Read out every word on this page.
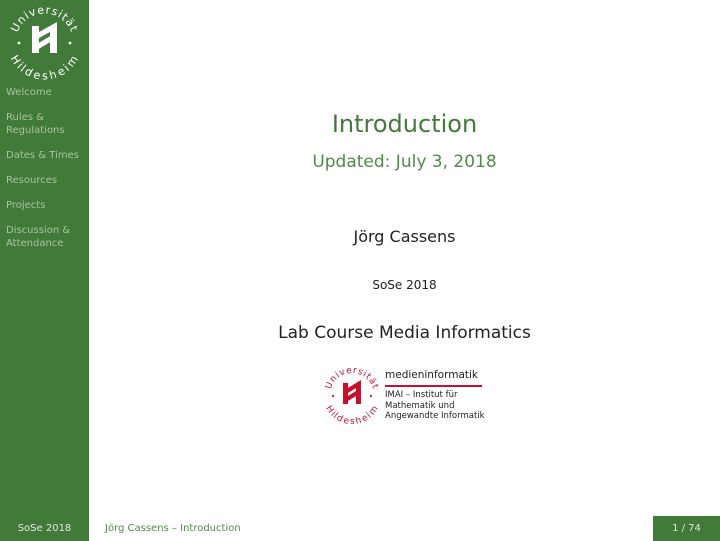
Universität
Hildesheim
Welcome
Rules & Regulations
Dates & Times
Resources
Projects
Discussion & Attendance
Introduction
Updated: July 3, 2018
Jörg Cassens
SoSe 2018
Lab Course Media Informatics
Universität
Hildesheim
medieninformatik
IMAI – Institut für
Mathematik und
Angewandte Informatik
SoSe 2018	Jörg Cassens – Introduction	1 / 74
